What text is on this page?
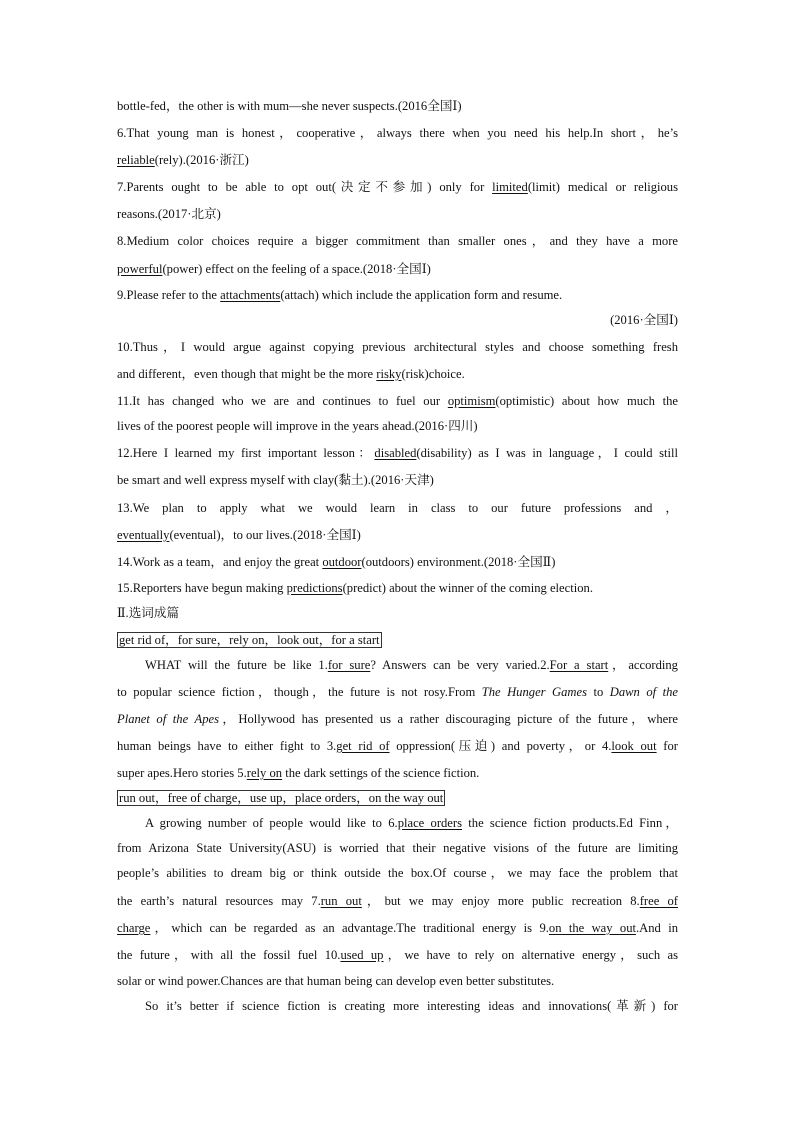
bottle-fed，the other is with mum—she never suspects.(2016全国Ⅰ)
6.That young man is honest，cooperative，always there when you need his help.In short，he’s
reliable(rely).(2016·浙江)
7.Parents ought to be able to opt out(决定不参加) only for limited(limit) medical or religious
reasons.(2017·北京)
8.Medium color choices require a bigger commitment than smaller ones，and they have a more
powerful(power) effect on the feeling of a space.(2018·全国Ⅰ)
9.Please refer to the attachments(attach) which include the application form and resume.
(2016·全国Ⅰ)
10.Thus，I would argue against copying previous architectural styles and choose something fresh
and different，even though that might be the more risky(risk)choice.
11.It has changed who we are and continues to fuel our optimism(optimistic) about how much the
lives of the poorest people will improve in the years ahead.(2016·四川)
12.Here I learned my first important lesson：disabled(disability) as I was in language，I could still
be smart and well express myself with clay(黏土).(2016·天津)
13.We plan to apply what we would learn in class to our future professions and ，
eventually(eventual)，to our lives.(2018·全国Ⅰ)
14.Work as a team，and enjoy the great outdoor(outdoors) environment.(2018·全国Ⅱ)
15.Reporters have begun making predictions(predict) about the winner of the coming election.
Ⅱ.选词成篇
get rid of，for sure，rely on，look out，for a start
WHAT will the future be like 1.for sure? Answers can be very varied.2.For a start，according
to popular science fiction，though，the future is not rosy.From The Hunger Games to Dawn of the
Planet of the Apes，Hollywood has presented us a rather discouraging picture of the future，where
human beings have to either fight to 3.get rid of oppression(压迫) and poverty，or 4.look out for
super apes.Hero stories 5.rely on the dark settings of the science fiction.
run out，free of charge，use up，place orders，on the way out
A growing number of people would like to 6.place orders the science fiction products.Ed Finn，
from Arizona State University(ASU) is worried that their negative visions of the future are limiting
people’s abilities to dream big or think outside the box.Of course，we may face the problem that
the earth’s natural resources may 7.run out，but we may enjoy more public recreation 8.free of
charge，which can be regarded as an advantage.The traditional energy is 9.on the way out.And in
the future，with all the fossil fuel 10.used up，we have to rely on alternative energy，such as
solar or wind power.Chances are that human being can develop even better substitutes.
So it’s better if science fiction is creating more interesting ideas and innovations(革新) for
